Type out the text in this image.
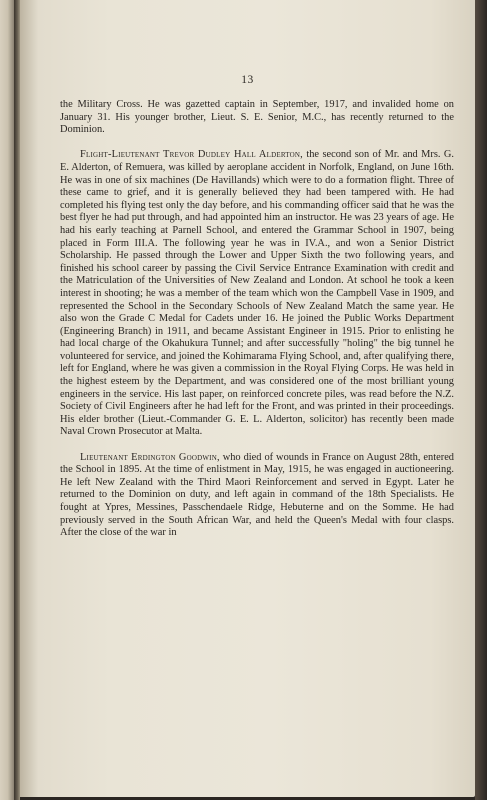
13

the Military Cross. He was gazetted captain in September, 1917, and invalided home on January 31. His younger brother, Lieut. S. E. Senior, M.C., has recently returned to the Dominion.

Flight-Lieutenant Trevor Dudley Hall Alderton, the second son of Mr. and Mrs. G. E. Alderton, of Remuera, was killed by aeroplane accident in Norfolk, England, on June 16th. He was in one of six machines (De Havillands) which were to do a formation flight. Three of these came to grief, and it is generally believed they had been tampered with. He had completed his flying test only the day before, and his commanding officer said that he was the best flyer he had put through, and had appointed him an instructor. He was 23 years of age. He had his early teaching at Parnell School, and entered the Grammar School in 1907, being placed in Form III.A. The following year he was in IV.A., and won a Senior District Scholarship. He passed through the Lower and Upper Sixth the two following years, and finished his school career by passing the Civil Service Entrance Examination with credit and the Matriculation of the Universities of New Zealand and London. At school he took a keen interest in shooting; he was a member of the team which won the Campbell Vase in 1909, and represented the School in the Secondary Schools of New Zealand Match the same year. He also won the Grade C Medal for Cadets under 16. He joined the Public Works Department (Engineering Branch) in 1911, and became Assistant Engineer in 1915. Prior to enlisting he had local charge of the Okahukura Tunnel; and after successfully "holing" the big tunnel he volunteered for service, and joined the Kohimarama Flying School, and, after qualifying there, left for England, where he was given a commission in the Royal Flying Corps. He was held in the highest esteem by the Department, and was considered one of the most brilliant young engineers in the service. His last paper, on reinforced concrete piles, was read before the N.Z. Society of Civil Engineers after he had left for the Front, and was printed in their proceedings. His elder brother (Lieut.-Commander G. E. L. Alderton, solicitor) has recently been made Naval Crown Prosecutor at Malta.

Lieutenant Erdington Goodwin, who died of wounds in France on August 28th, entered the School in 1895. At the time of enlistment in May, 1915, he was engaged in auctioneering. He left New Zealand with the Third Maori Reinforcement and served in Egypt. Later he returned to the Dominion on duty, and left again in command of the 18th Specialists. He fought at Ypres, Messines, Passchendaele Ridge, Hebuterne and on the Somme. He had previously served in the South African War, and held the Queen's Medal with four clasps. After the close of the war in
